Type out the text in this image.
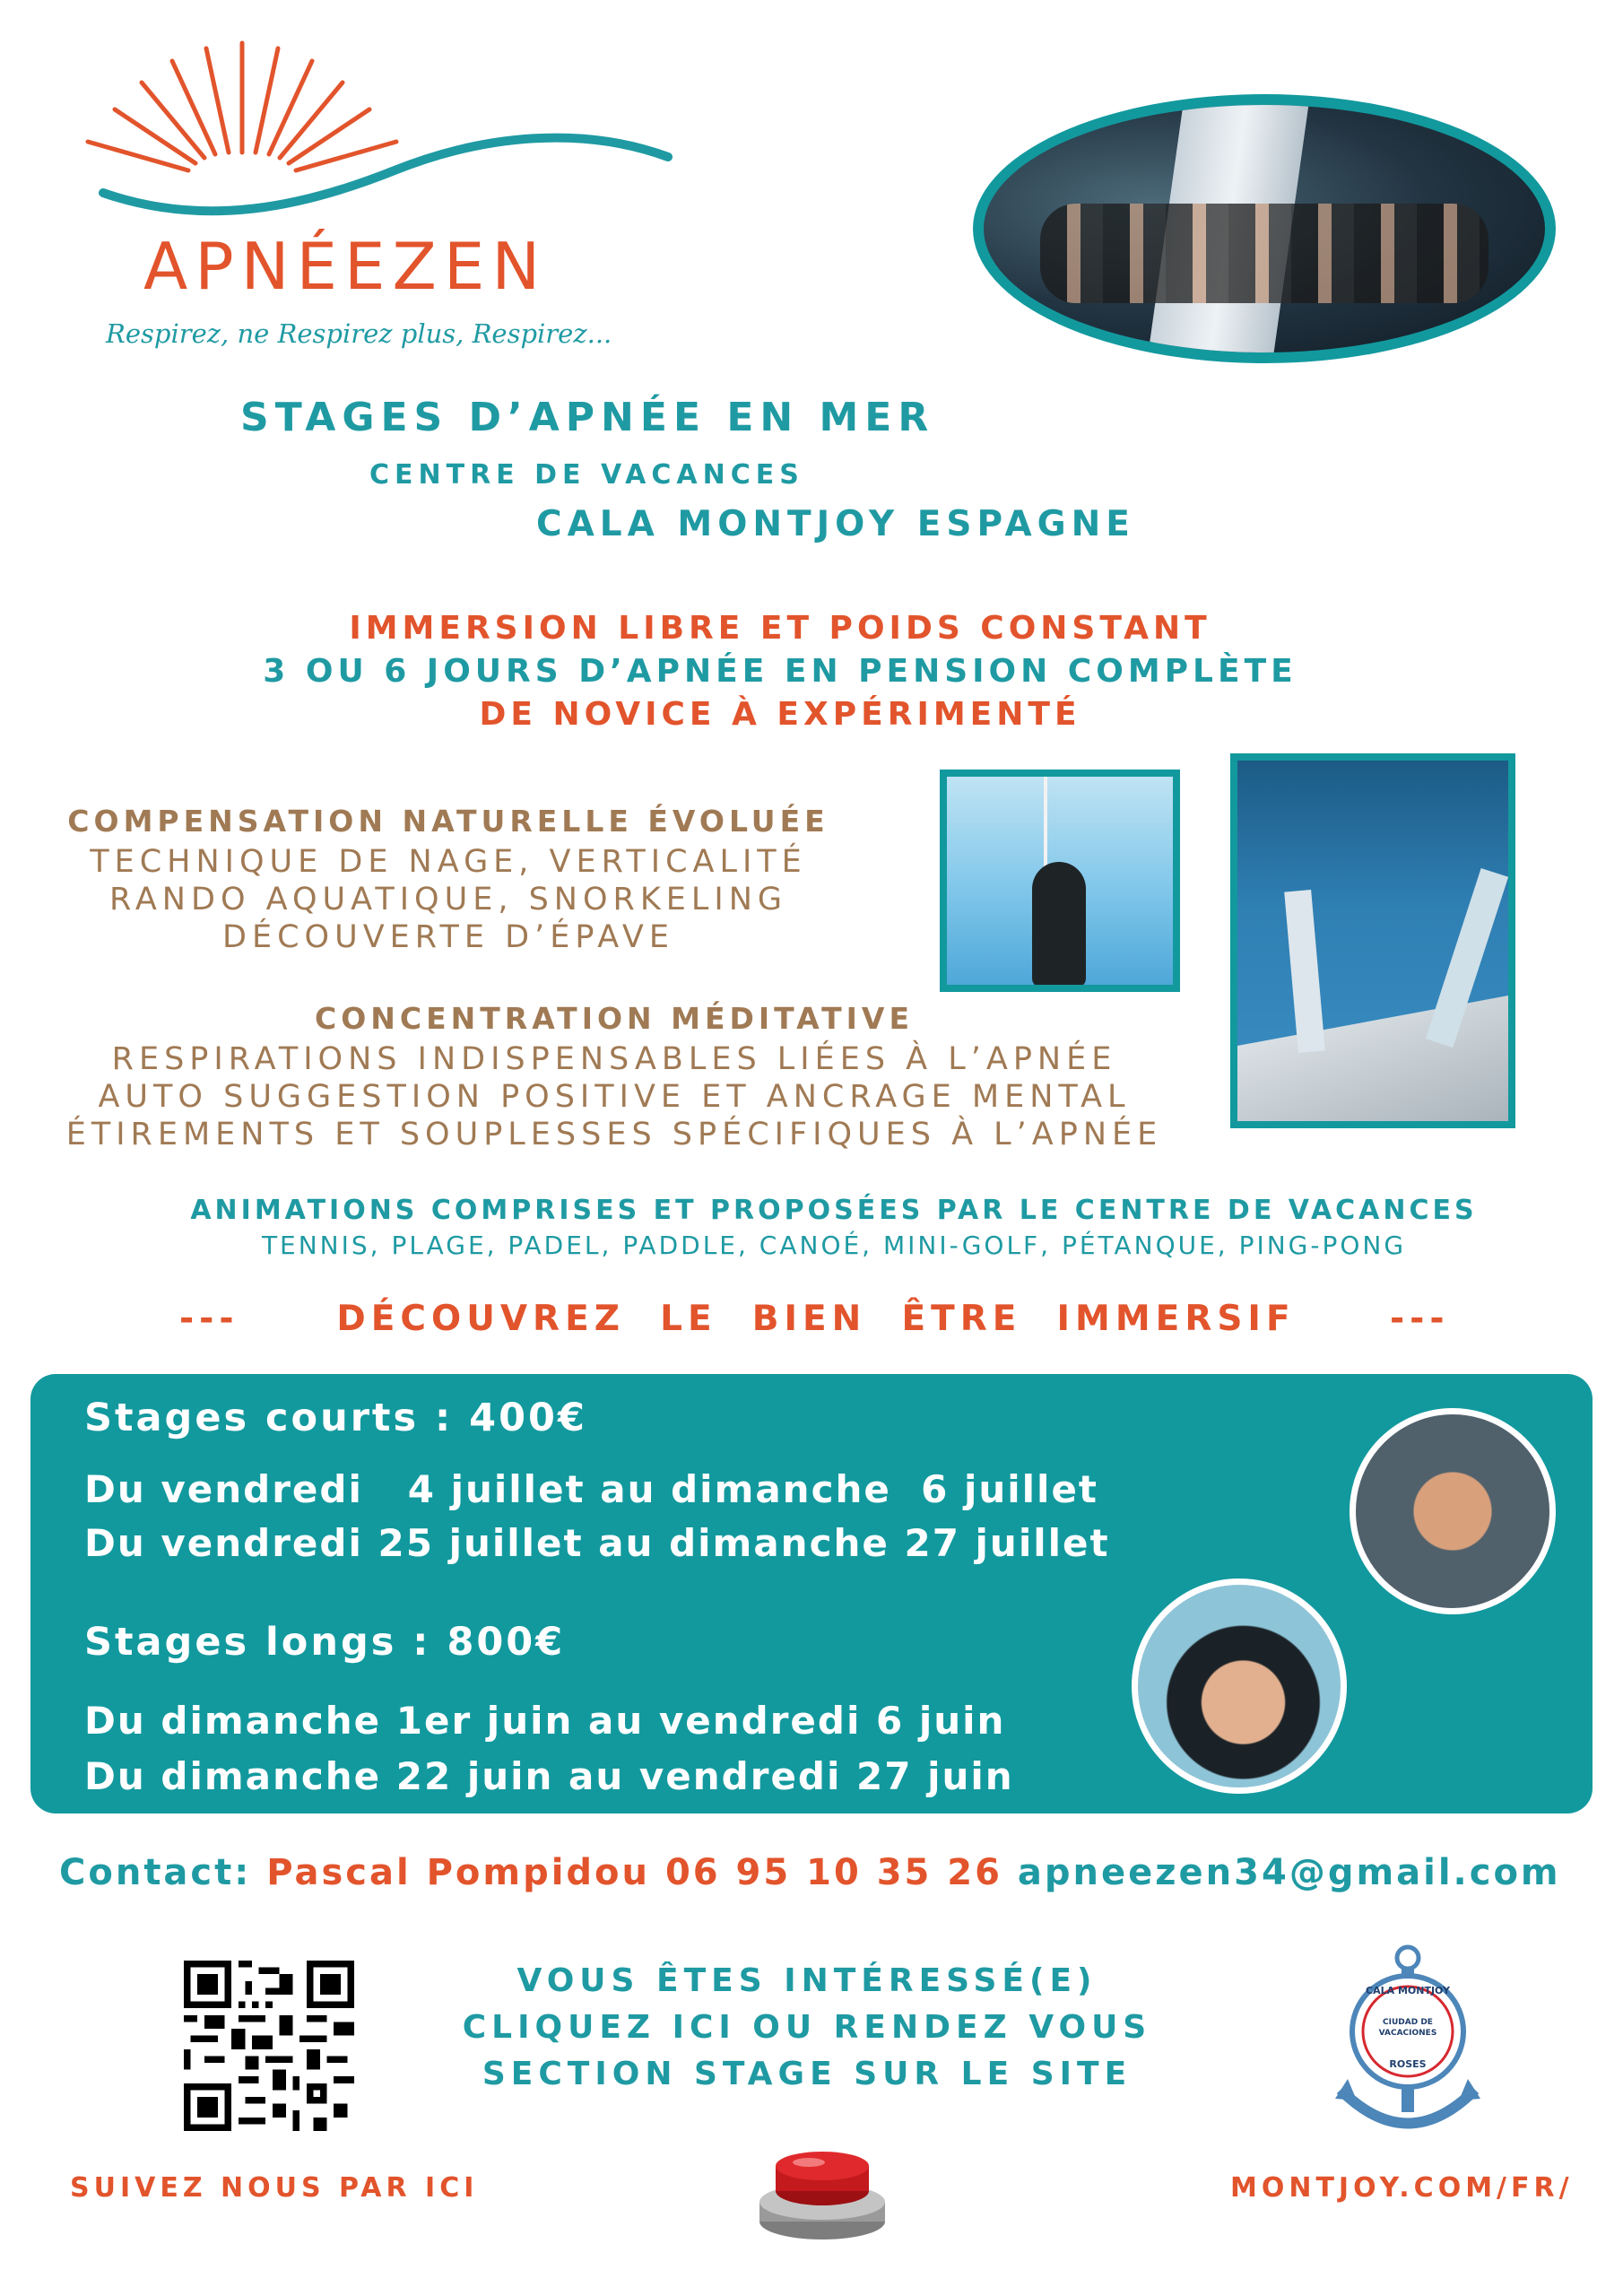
APNÉEZEN
Respirez, ne Respirez plus, Respirez...
STAGES D’APNÉE EN MER
CENTRE DE VACANCES
CALA MONTJOY ESPAGNE
IMMERSION LIBRE ET POIDS CONSTANT
3 OU 6 JOURS D’APNÉE EN PENSION COMPLÈTE
DE NOVICE À EXPÉRIMENTÉ
COMPENSATION NATURELLE ÉVOLUÉE
TECHNIQUE DE NAGE, VERTICALITÉ
RANDO AQUATIQUE, SNORKELING
DÉCOUVERTE D’ÉPAVE
CONCENTRATION MÉDITATIVE
RESPIRATIONS INDISPENSABLES LIÉES À L’APNÉE
AUTO SUGGESTION POSITIVE ET ANCRAGE MENTAL
ÉTIREMENTS ET SOUPLESSES SPÉCIFIQUES À L’APNÉE
ANIMATIONS COMPRISES ET PROPOSÉES PAR LE CENTRE DE VACANCES
TENNIS, PLAGE, PADEL, PADDLE, CANOÉ, MINI-GOLF, PÉTANQUE, PING-PONG
---	DÉCOUVREZ  LE  BIEN  ÊTRE  IMMERSIF	---
Stages courts : 400€
Du vendredi   4 juillet au dimanche  6 juillet
Du vendredi 25 juillet au dimanche 27 juillet
Stages longs : 800€
Du dimanche 1er juin au vendredi 6 juin
Du dimanche 22 juin au vendredi 27 juin
Contact: Pascal Pompidou 06 95 10 35 26 apneezen34@gmail.com
VOUS ÊTES INTÉRESSÉ(E)
CLIQUEZ ICI OU RENDEZ VOUS
SECTION STAGE SUR LE SITE
CIUDAD DE
VACACIONES
CALA MONTJOY
ROSES
SUIVEZ NOUS PAR ICI	MONTJOY.COM/FR/
